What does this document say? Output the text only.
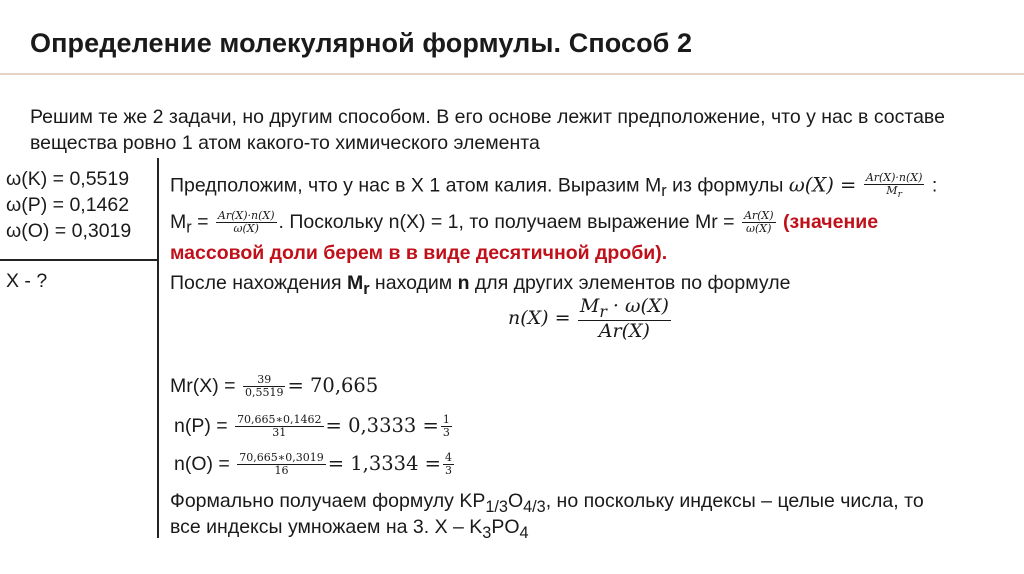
Определение молекулярной формулы. Способ 2
Решим те же 2 задачи, но другим способом. В его основе лежит предположение, что у нас в составе вещества ровно 1 атом какого-то химического элемента
ω(K) = 0,5519
ω(P) = 0,1462
ω(O) = 0,3019
X - ?
Предположим, что у нас в X 1 атом калия. Выразим $M_r$ из формулы $\omega(X) = \frac{Ar(X)\cdot n(X)}{M_r}$ :
$M_r = \frac{Ar(X)\cdot n(X)}{\omega(X)}$ . Поскольку n(X) = 1, то получаем выражение $Mr = \frac{Ar(X)}{\omega(X)}$ (значение
массовой доли берем в в виде десятичной дроби).
После нахождения $M_r$ находим n для других элементов по формуле
$n(X) = \frac{M_r \cdot \omega(X)}{Ar(X)}$
$Mr(X) = \frac{39}{0,5519} = 70,665$
$n(P) = \frac{70,665∗0,1462}{31} = 0,3333 = \frac{1}{3}$
$n(O) = \frac{70,665∗0,3019}{16} = 1,3334 = \frac{4}{3}$
Формально получаем формулу $KP_{1/3}O_{4/3}$, но поскольку индексы – целые числа, то
все индексы умножаем на 3. X – $K_3PO_4$
